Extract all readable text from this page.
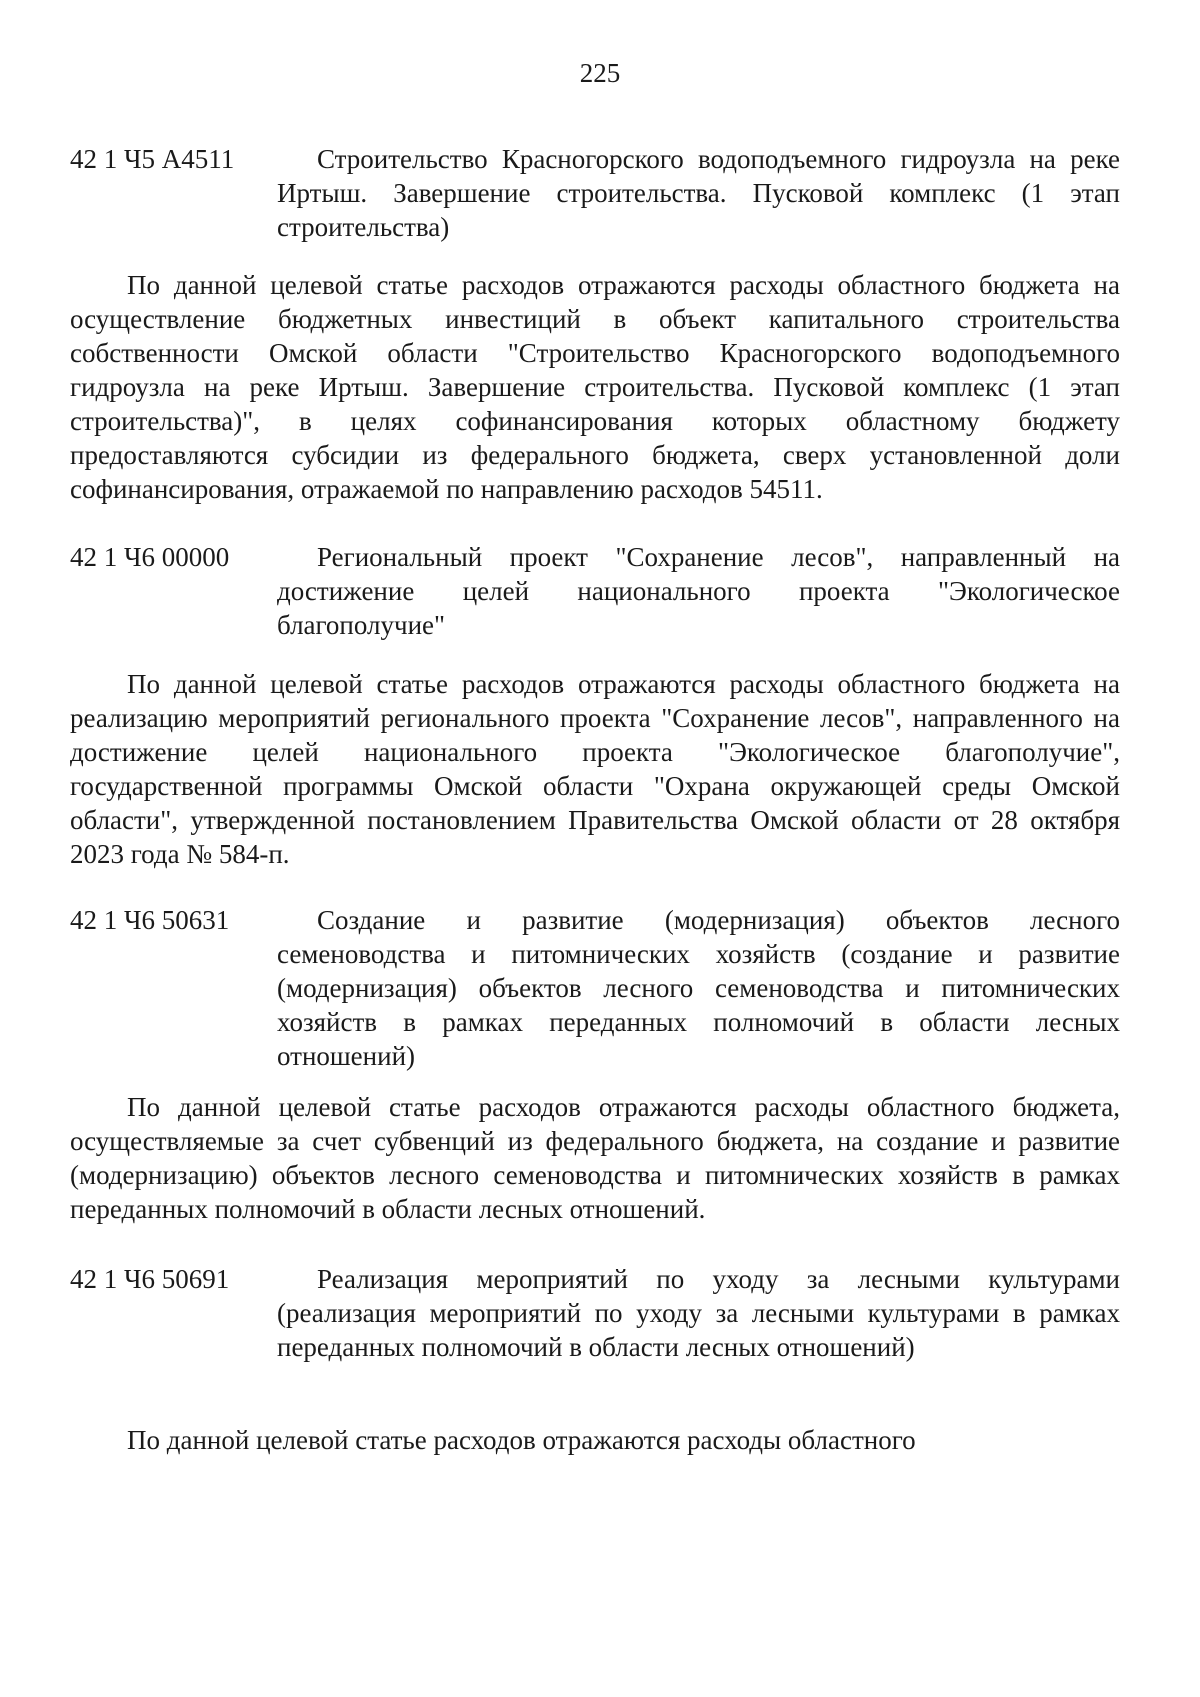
225
42 1 Ч5 А4511	Строительство Красногорского водоподъемного гидроузла на реке Иртыш. Завершение строительства. Пусковой комплекс (1 этап строительства)
По данной целевой статье расходов отражаются расходы областного бюджета на осуществление бюджетных инвестиций в объект капитального строительства собственности Омской области "Строительство Красногорского водоподъемного гидроузла на реке Иртыш. Завершение строительства. Пусковой комплекс (1 этап строительства)", в целях софинансирования которых областному бюджету предоставляются субсидии из федерального бюджета, сверх установленной доли софинансирования, отражаемой по направлению расходов 54511.
42 1 Ч6 00000	Региональный проект "Сохранение лесов", направленный на достижение целей национального проекта "Экологическое благополучие"
По данной целевой статье расходов отражаются расходы областного бюджета на реализацию мероприятий регионального проекта "Сохранение лесов", направленного на достижение целей национального проекта "Экологическое благополучие", государственной программы Омской области "Охрана окружающей среды Омской области", утвержденной постановлением Правительства Омской области от 28 октября 2023 года № 584-п.
42 1 Ч6 50631	Создание и развитие (модернизация) объектов лесного семеноводства и питомнических хозяйств (создание и развитие (модернизация) объектов лесного семеноводства и питомнических хозяйств в рамках переданных полномочий в области лесных отношений)
По данной целевой статье расходов отражаются расходы областного бюджета, осуществляемые за счет субвенций из федерального бюджета, на создание и развитие (модернизацию) объектов лесного семеноводства и питомнических хозяйств в рамках переданных полномочий в области лесных отношений.
42 1 Ч6 50691	Реализация мероприятий по уходу за лесными культурами (реализация мероприятий по уходу за лесными культурами в рамках переданных полномочий в области лесных отношений)
По данной целевой статье расходов отражаются расходы областного
